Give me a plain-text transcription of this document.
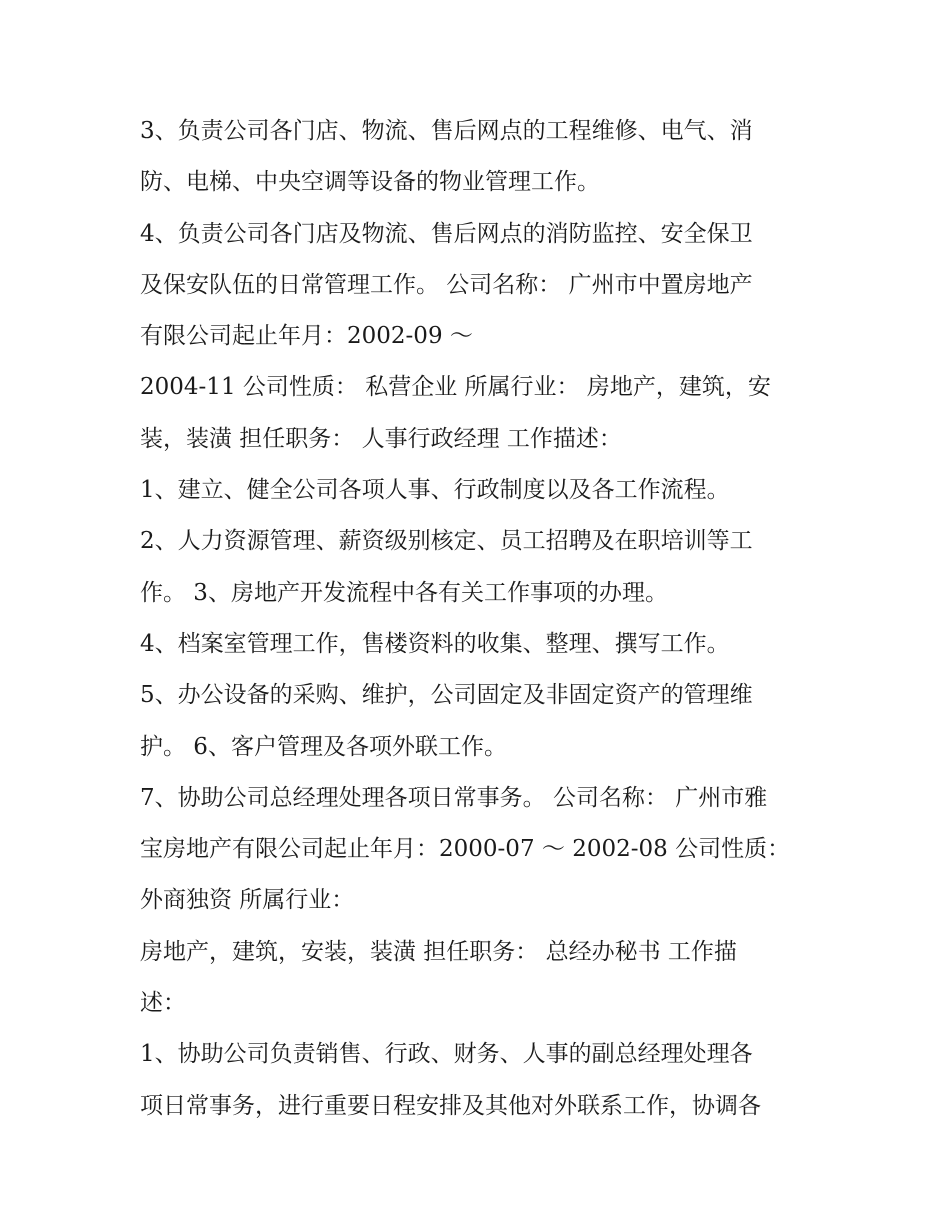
3、负责公司各门店、物流、售后网点的工程维修、电气、消
防、电梯、中央空调等设备的物业管理工作。
4、负责公司各门店及物流、售后网点的消防监控、安全保卫
及保安队伍的日常管理工作。 公司名称： 广州市中置房地产
有限公司起止年月：2002-09 ～
2004-11 公司性质： 私营企业 所属行业： 房地产，建筑，安
装，装潢 担任职务： 人事行政经理 工作描述：
1、建立、健全公司各项人事、行政制度以及各工作流程。
2、人力资源管理、薪资级别核定、员工招聘及在职培训等工
作。 3、房地产开发流程中各有关工作事项的办理。
4、档案室管理工作，售楼资料的收集、整理、撰写工作。
5、办公设备的采购、维护，公司固定及非固定资产的管理维
护。 6、客户管理及各项外联工作。
7、协助公司总经理处理各项日常事务。 公司名称： 广州市雅
宝房地产有限公司起止年月：2000-07 ～ 2002-08 公司性质：
外商独资 所属行业：
房地产，建筑，安装，装潢 担任职务： 总经办秘书 工作描
述：
1、协助公司负责销售、行政、财务、人事的副总经理处理各
项日常事务，进行重要日程安排及其他对外联系工作，协调各
